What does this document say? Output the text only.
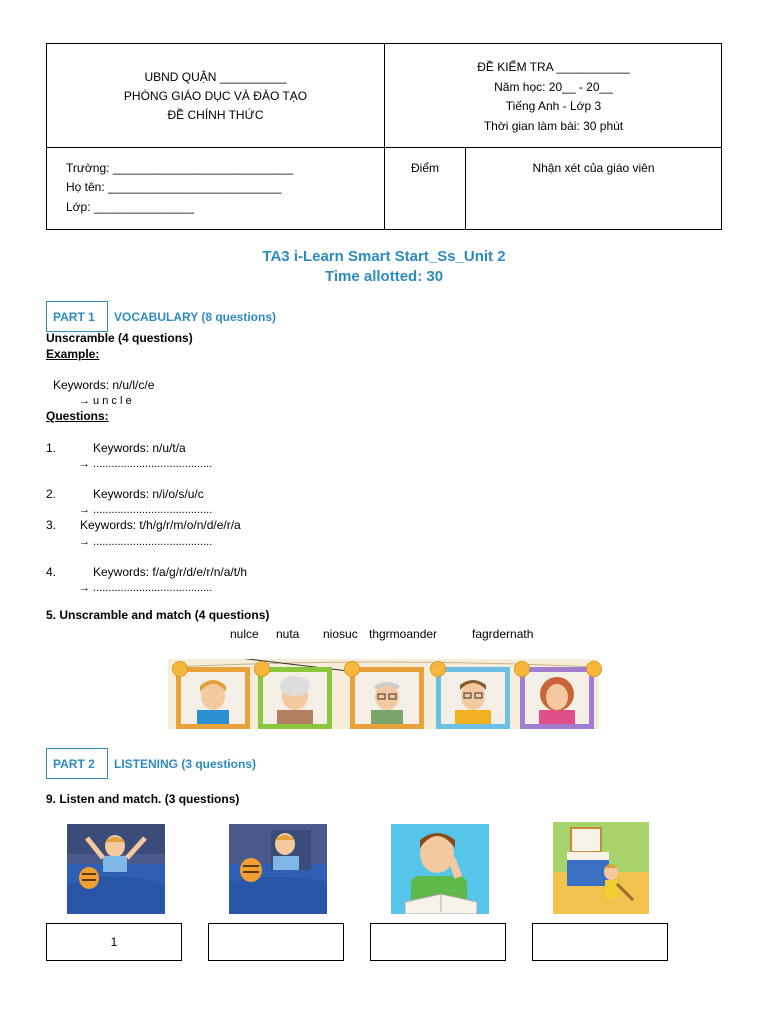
UBND QUẬN __________
PHÒNG GIÁO DỤC VÀ ĐÀO TẠO
ĐỀ CHÍNH THỨC
ĐỀ KIỂM TRA ___________
Năm học: 20__ - 20__
Tiếng Anh - Lớp 3
Thời gian làm bài: 30 phút
Trường: ___________________________
Họ tên: __________________________
Lớp: _______________
Điểm	Nhận xét của giáo viên
TA3 i-Learn Smart Start_Ss_Unit 2
Time allotted: 30
PART 1	VOCABULARY (8 questions)
Unscramble (4 questions)
Example:
Keywords: n/u/l/c/e
→ u n c l e
Questions:
1.	Keywords: n/u/t/a
→ .......................................
2.	Keywords: n/i/o/s/u/c
→ .......................................
3. Keywords: t/h/g/r/m/o/n/d/e/r/a
→ .......................................
4.	Keywords: f/a/g/r/d/e/r/n/a/t/h
→ .......................................
5. Unscramble and match (4 questions)
nulce nuta niosuc thgrmoander	fagrdernath
PART 2	LISTENING (3 questions)
9. Listen and match. (3 questions)
1
